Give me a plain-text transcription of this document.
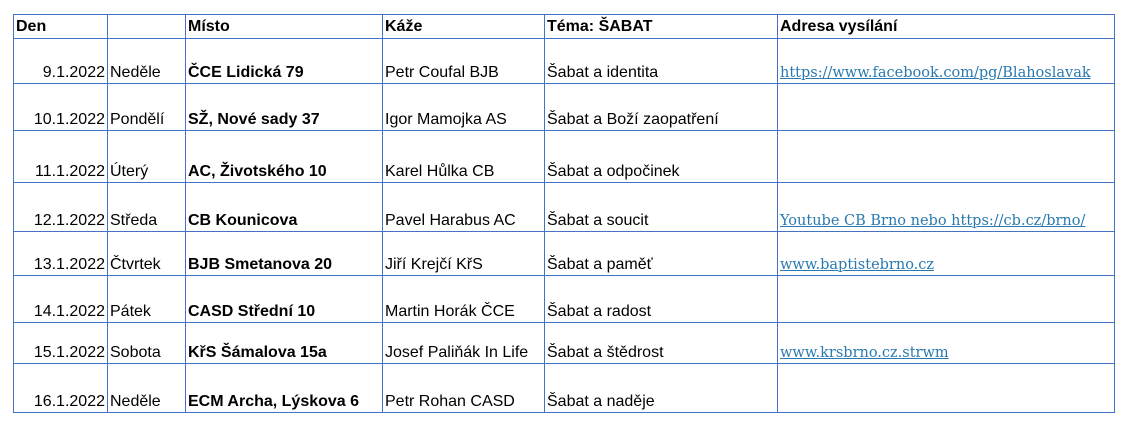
Den		Místo	Káže	Téma: ŠABAT	Adresa vysílání
9.1.2022	Neděle	ČCE Lidická 79	Petr Coufal BJB	Šabat a identita	https://www.facebook.com/pg/Blahoslavak
10.1.2022	Pondělí	SŽ, Nové sady 37	Igor Mamojka AS	Šabat a Boží zaopatření	
11.1.2022	Úterý	AC, Životského 10	Karel Hůlka CB	Šabat a odpočinek	
12.1.2022	Středa	CB Kounicova	Pavel Harabus AC	Šabat a soucit	Youtube CB Brno nebo https://cb.cz/brno/
13.1.2022	Čtvrtek	BJB Smetanova 20	Jiří Krejčí KřS	Šabat a paměť	www.baptistebrno.cz
14.1.2022	Pátek	CASD Střední 10	Martin Horák ČCE	Šabat a radost	
15.1.2022	Sobota	KřS Šámalova 15a	Josef Paliňák In Life	Šabat a štědrost	www.krsbrno.cz.strwm
16.1.2022	Neděle	ECM Archa, Lýskova 6	Petr Rohan CASD	Šabat a naděje	
